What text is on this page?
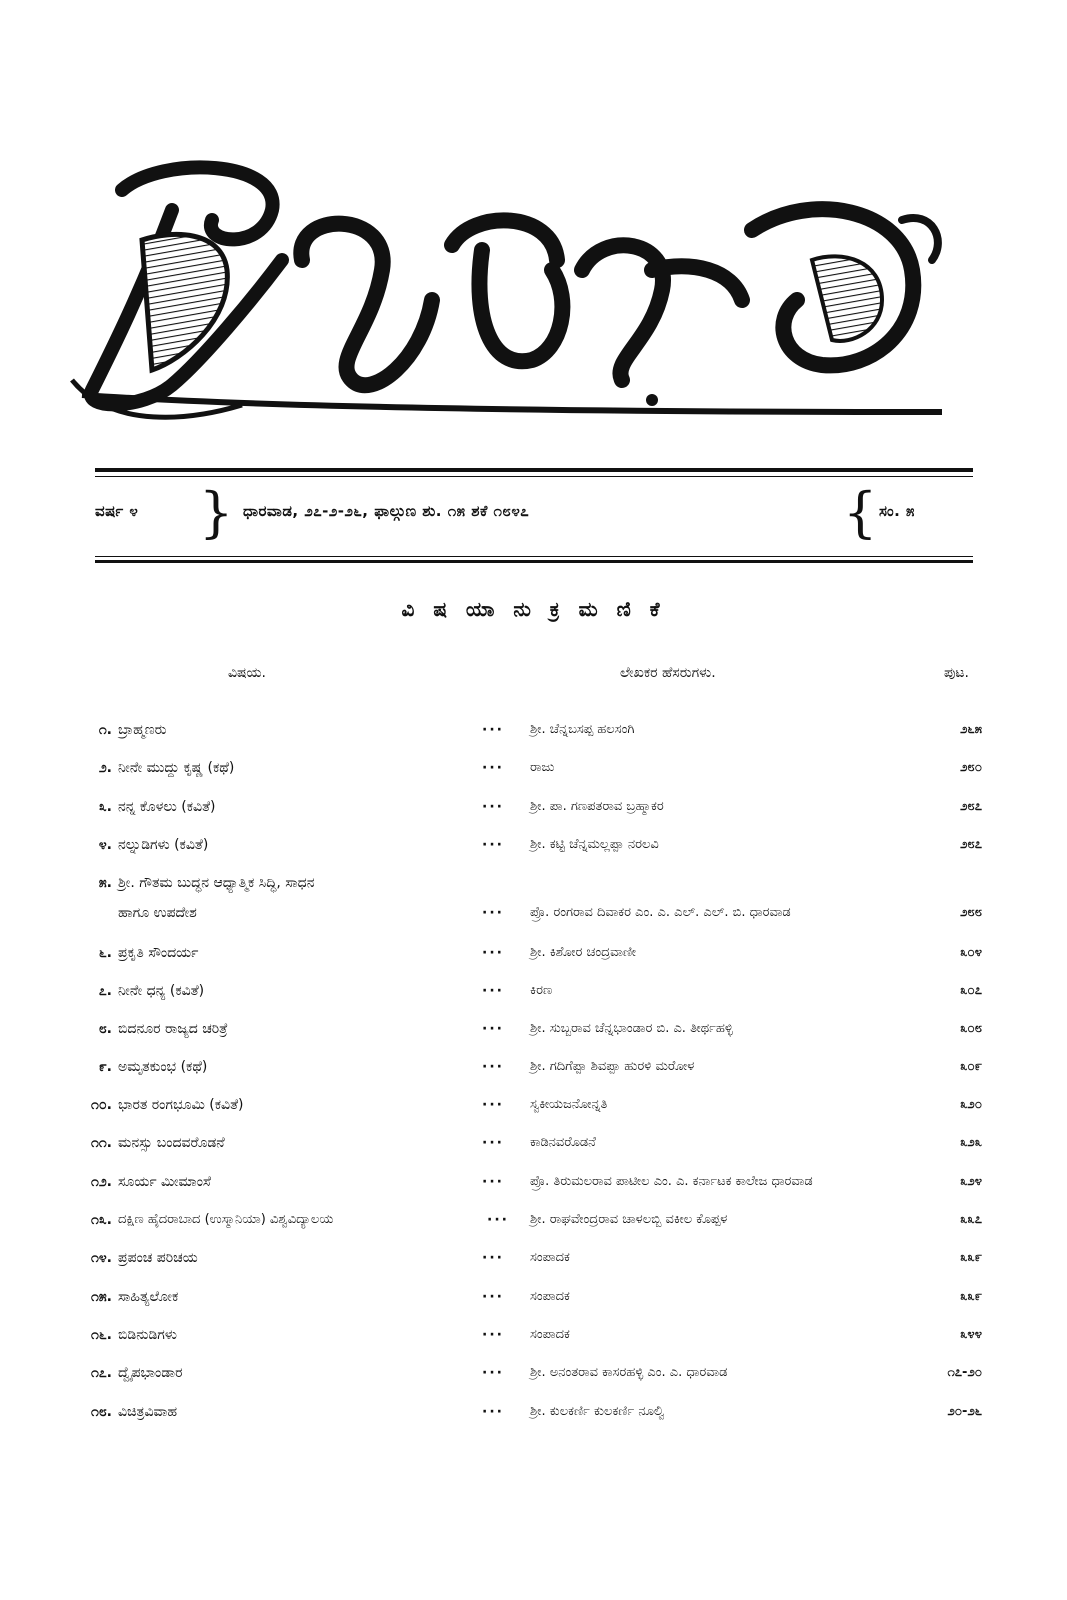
ವರ್ಷ ೪ } ಧಾರವಾಡ, ೨೭-೨-೨೬, ಫಾಲ್ಗುಣ ಶು. ೧೫ ಶಕೆ ೧೮೪೭	{ ಸಂ. ೫
ವಿ ಷ ಯಾ ನು ಕ್ರ ಮ ಣಿ ಕೆ
ವಿಷಯ.	ಲೇಖಕರ ಹೆಸರುಗಳು.	ಪುಟ.
೧. ಬ್ರಾಹ್ಮಣರು	··· ಶ್ರೀ. ಚೆನ್ನಬಸಪ್ಪ ಹಲಸಂಗಿ	೨೬೫
೨. ನೀನೇ ಮುದ್ದು ಕೃಷ್ಣ (ಕಥೆ)	··· ರಾಜು	೨೮೦
೩. ನನ್ನ ಕೊಳಲು (ಕವಿತೆ)	··· ಶ್ರೀ. ಪಾ. ಗಣಪತರಾವ ಬ್ರಹ್ಮಾಕರ	೨೮೭
೪. ನಲ್ನುಡಿಗಳು (ಕವಿತೆ)	··· ಶ್ರೀ. ಕಟ್ಟಿ ಚೆನ್ನಮಲ್ಲಪ್ಪಾ ನರಲವಿ	೨೮೭
೫. ಶ್ರೀ. ಗೌತಮ ಬುದ್ಧನ ಆಧ್ಯಾತ್ಮಿಕ ಸಿದ್ಧಿ, ಸಾಧನ
ಹಾಗೂ ಉಪದೇಶ	··· ಪ್ರೊ. ರಂಗರಾವ ದಿವಾಕರ ಎಂ. ಎ. ಎಲ್. ಎಲ್. ಬಿ. ಧಾರವಾಡ	೨೮೮
೬. ಪ್ರಕೃತಿ ಸೌಂದರ್ಯ	··· ಶ್ರೀ. ಕಿಶೋರ ಚಂದ್ರವಾಣೀ	೩೦೪
೭. ನೀನೇ ಧನ್ಯ (ಕವಿತೆ)	··· ಕಿರಣ	೩೦೭
೮. ಬಿದನೂರ ರಾಜ್ಯದ ಚರಿತ್ರೆ	··· ಶ್ರೀ. ಸುಬ್ಬರಾವ ಚೆನ್ನಭಾಂಡಾರ ಬಿ. ಎ. ತೀರ್ಥಹಳ್ಳಿ	೩೦೮
೯. ಅಮೃತಕುಂಭ (ಕಥೆ)	··· ಶ್ರೀ. ಗದಿಗೆಪ್ಪಾ ಶಿವಪ್ಪಾ ಹುರಳಿ ಮರೋಳ	೩೦೯
೧೦. ಭಾರತ ರಂಗಭೂಮಿ (ಕವಿತೆ)	··· ಸ್ವಕೀಯಜನೋನ್ನತಿ	೩೨೦
೧೧. ಮನಸ್ಸು ಬಂದವರೊಡನೆ	··· ಕಾಡಿನವರೊಡನೆ	೩೨೩
೧೨. ಸೂರ್ಯ ಮೀಮಾಂಸೆ	··· ಪ್ರೊ. ತಿರುಮಲರಾವ ಪಾಟೀಲ ಎಂ. ಎ. ಕರ್ನಾಟಕ ಕಾಲೇಜ ಧಾರವಾಡ	೩೨೪
೧೩. ದಕ್ಷಿಣ ಹೈದರಾಬಾದ (ಉಸ್ಮಾನಿಯಾ) ವಿಶ್ವವಿದ್ಯಾಲಯ	··· ಶ್ರೀ. ರಾಘವೇಂದ್ರರಾವ ಚಾಳಲಬ್ಬಿ ವಕೀಲ ಕೊಪ್ಪಳ	೩೩೭
೧೪. ಪ್ರಪಂಚ ಪರಿಚಯ	··· ಸಂಪಾದಕ	೩೩೯
೧೫. ಸಾಹಿತ್ಯಲೋಕ	··· ಸಂಪಾದಕ	೩೩೯
೧೬. ಬಿಡಿನುಡಿಗಳು	··· ಸಂಪಾದಕ	೩೪೪
೧೭. ದ್ವೈಪಭಾಂಡಾರ	··· ಶ್ರೀ. ಅನಂತರಾವ ಕಾಸರಹಳ್ಳಿ ಎಂ. ಎ. ಧಾರವಾಡ	೧೭-೨೦
೧೮. ವಿಚಿತ್ರವಿವಾಹ	··· ಶ್ರೀ. ಕುಲಕರ್ಣಿ ಕುಲಕರ್ಣಿ ನೂಲ್ವಿ	೨೦-೨೬
